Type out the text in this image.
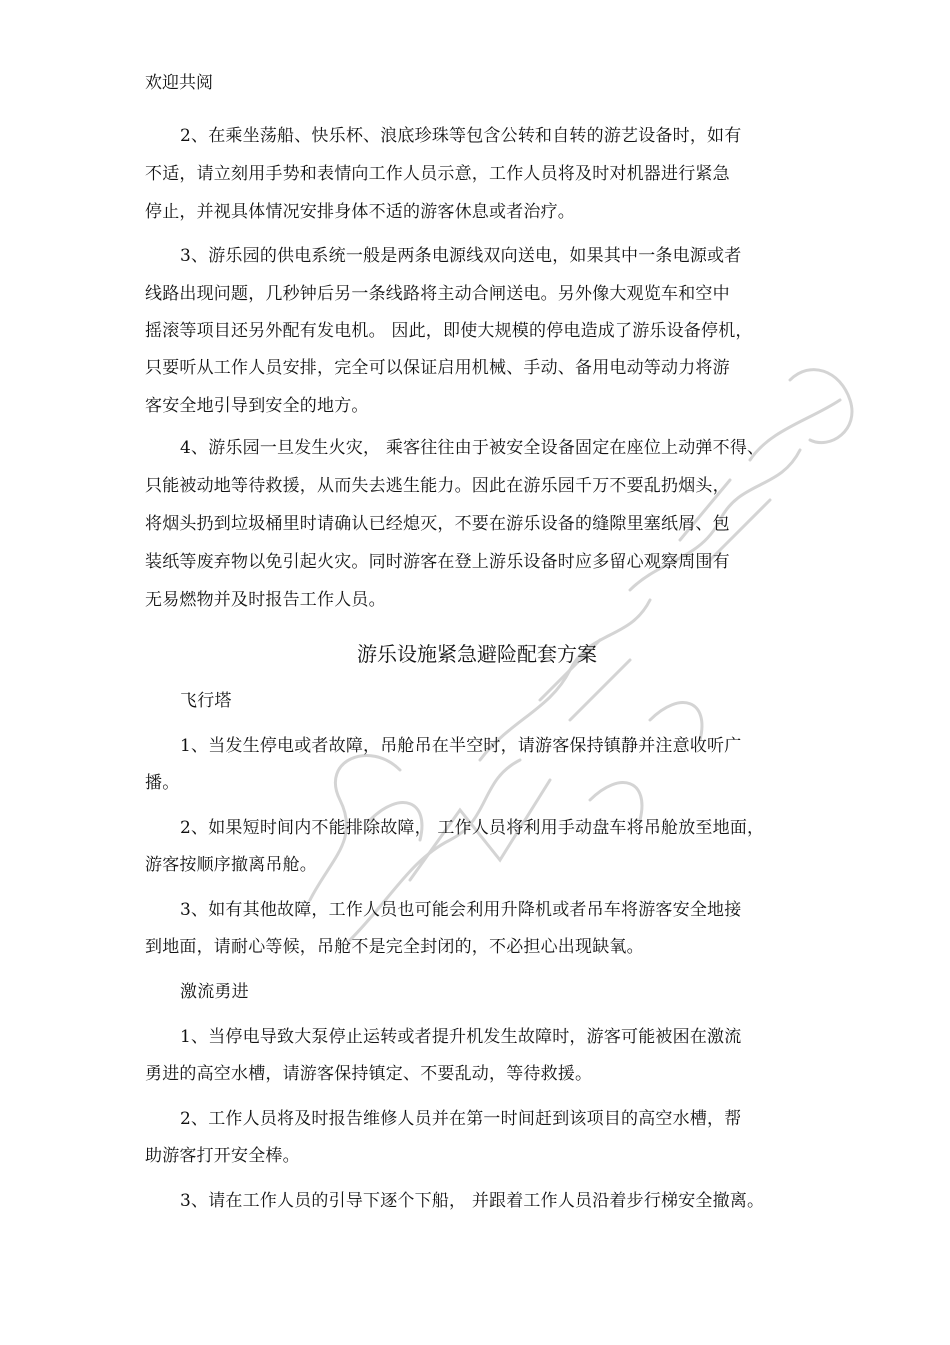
欢迎共阅
2、在乘坐荡船、快乐杯、浪底珍珠等包含公转和自转的游艺设备时，如有
不适，请立刻用手势和表情向工作人员示意，工作人员将及时对机器进行紧急
停止，并视具体情况安排身体不适的游客休息或者治疗。
3、游乐园的供电系统一般是两条电源线双向送电，如果其中一条电源或者
线路出现问题，几秒钟后另一条线路将主动合闸送电。另外像大观览车和空中
摇滚等项目还另外配有发电机。 因此，即使大规模的停电造成了游乐设备停机，
只要听从工作人员安排，完全可以保证启用机械、手动、备用电动等动力将游
客安全地引导到安全的地方。
4、游乐园一旦发生火灾， 乘客往往由于被安全设备固定在座位上动弹不得、
只能被动地等待救援，从而失去逃生能力。因此在游乐园千万不要乱扔烟头，
将烟头扔到垃圾桶里时请确认已经熄灭，不要在游乐设备的缝隙里塞纸屑、包
装纸等废弃物以免引起火灾。同时游客在登上游乐设备时应多留心观察周围有
无易燃物并及时报告工作人员。
游乐设施紧急避险配套方案
飞行塔
1、当发生停电或者故障，吊舱吊在半空时，请游客保持镇静并注意收听广
播。
2、如果短时间内不能排除故障， 工作人员将利用手动盘车将吊舱放至地面，
游客按顺序撤离吊舱。
3、如有其他故障，工作人员也可能会利用升降机或者吊车将游客安全地接
到地面，请耐心等候，吊舱不是完全封闭的，不必担心出现缺氧。
激流勇进
1、当停电导致大泵停止运转或者提升机发生故障时，游客可能被困在激流
勇进的高空水槽，请游客保持镇定、不要乱动，等待救援。
2、工作人员将及时报告维修人员并在第一时间赶到该项目的高空水槽，帮
助游客打开安全棒。
3、请在工作人员的引导下逐个下船， 并跟着工作人员沿着步行梯安全撤离。
